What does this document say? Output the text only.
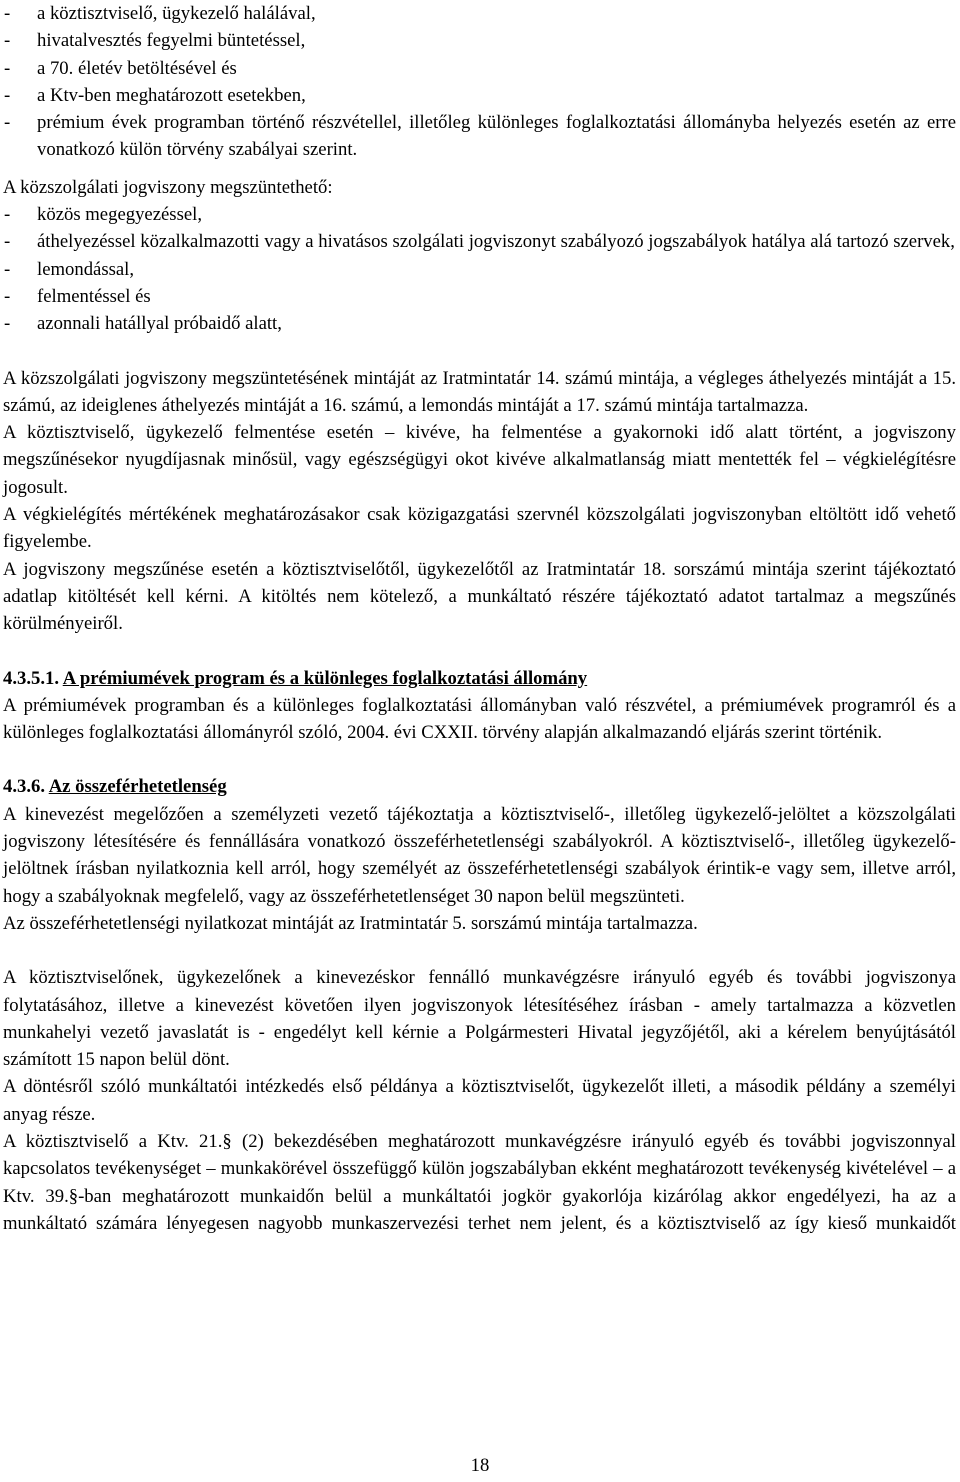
-	a köztisztviselő, ügykezelő halálával,
-	hivatalvesztés fegyelmi büntetéssel,
-	a 70. életév betöltésével és
-	a Ktv-ben meghatározott esetekben,
-	prémium évek programban történő részvétellel, illetőleg különleges foglalkoztatási állományba helyezés esetén az erre vonatkozó külön törvény szabályai szerint.
A közszolgálati jogviszony megszüntethető:
-	közös megegyezéssel,
-	áthelyezéssel közalkalmazotti vagy a hivatásos szolgálati jogviszonyt szabályozó jogszabályok hatálya alá tartozó szervek,
-	lemondással,
-	felmentéssel és
-	azonnali hatállyal próbaidő alatt,
A közszolgálati jogviszony megszüntetésének mintáját az Iratmintatár 14. számú mintája, a végleges áthelyezés mintáját a 15. számú, az ideiglenes áthelyezés mintáját a 16. számú, a lemondás mintáját a 17. számú mintája tartalmazza.
A köztisztviselő, ügykezelő felmentése esetén – kivéve, ha felmentése a gyakornoki idő alatt történt, a jogviszony megszűnésekor nyugdíjasnak minősül, vagy egészségügyi okot kivéve alkalmatlanság miatt mentették fel – végkielégítésre jogosult.
A végkielégítés mértékének meghatározásakor csak közigazgatási szervnél közszolgálati jogviszonyban eltöltött idő vehető figyelembe.
A jogviszony megszűnése esetén a köztisztviselőtől, ügykezelőtől az Iratmintatár 18. sorszámú mintája szerint tájékoztató adatlap kitöltését kell kérni. A kitöltés nem kötelező, a munkáltató részére tájékoztató adatot tartalmaz a megszűnés körülményeiről.
4.3.5.1. A prémiumévek program és a különleges foglalkoztatási állomány
A prémiumévek programban és a különleges foglalkoztatási állományban való részvétel, a prémiumévek programról és a különleges foglalkoztatási állományról szóló, 2004. évi CXXII. törvény alapján alkalmazandó eljárás szerint történik.
4.3.6. Az összeférhetetlenség
A kinevezést megelőzően a személyzeti vezető tájékoztatja a köztisztviselő-, illetőleg ügykezelő-jelöltet a közszolgálati jogviszony létesítésére és fennállására vonatkozó összeférhetetlenségi szabályokról. A köztisztviselő-, illetőleg ügykezelő-jelöltnek írásban nyilatkoznia kell arról, hogy személyét az összeférhetetlenségi szabályok érintik-e vagy sem, illetve arról, hogy a szabályoknak megfelelő, vagy az összeférhetetlenséget 30 napon belül megszünteti.
Az összeférhetetlenségi nyilatkozat mintáját az Iratmintatár 5. sorszámú mintája tartalmazza.
A köztisztviselőnek, ügykezelőnek a kinevezéskor fennálló munkavégzésre irányuló egyéb és további jogviszonya folytatásához, illetve a kinevezést követően ilyen jogviszonyok létesítéséhez írásban - amely tartalmazza a közvetlen munkahelyi vezető javaslatát is - engedélyt kell kérnie a Polgármesteri Hivatal jegyzőjétől, aki a kérelem benyújtásától számított 15 napon belül dönt.
A döntésről szóló munkáltatói intézkedés első példánya a köztisztviselőt, ügykezelőt illeti, a második példány a személyi anyag része.
A köztisztviselő a Ktv. 21.§ (2) bekezdésében meghatározott munkavégzésre irányuló egyéb és további jogviszonnyal kapcsolatos tevékenységet – munkakörével összefüggő külön jogszabályban ekként meghatározott tevékenység kivételével – a Ktv. 39.§-ban meghatározott munkaidőn belül a munkáltatói jogkör gyakorlója kizárólag akkor engedélyezi, ha az a munkáltató számára lényegesen nagyobb munkaszervezési terhet nem jelent, és a köztisztviselő az így kieső munkaidőt
18
